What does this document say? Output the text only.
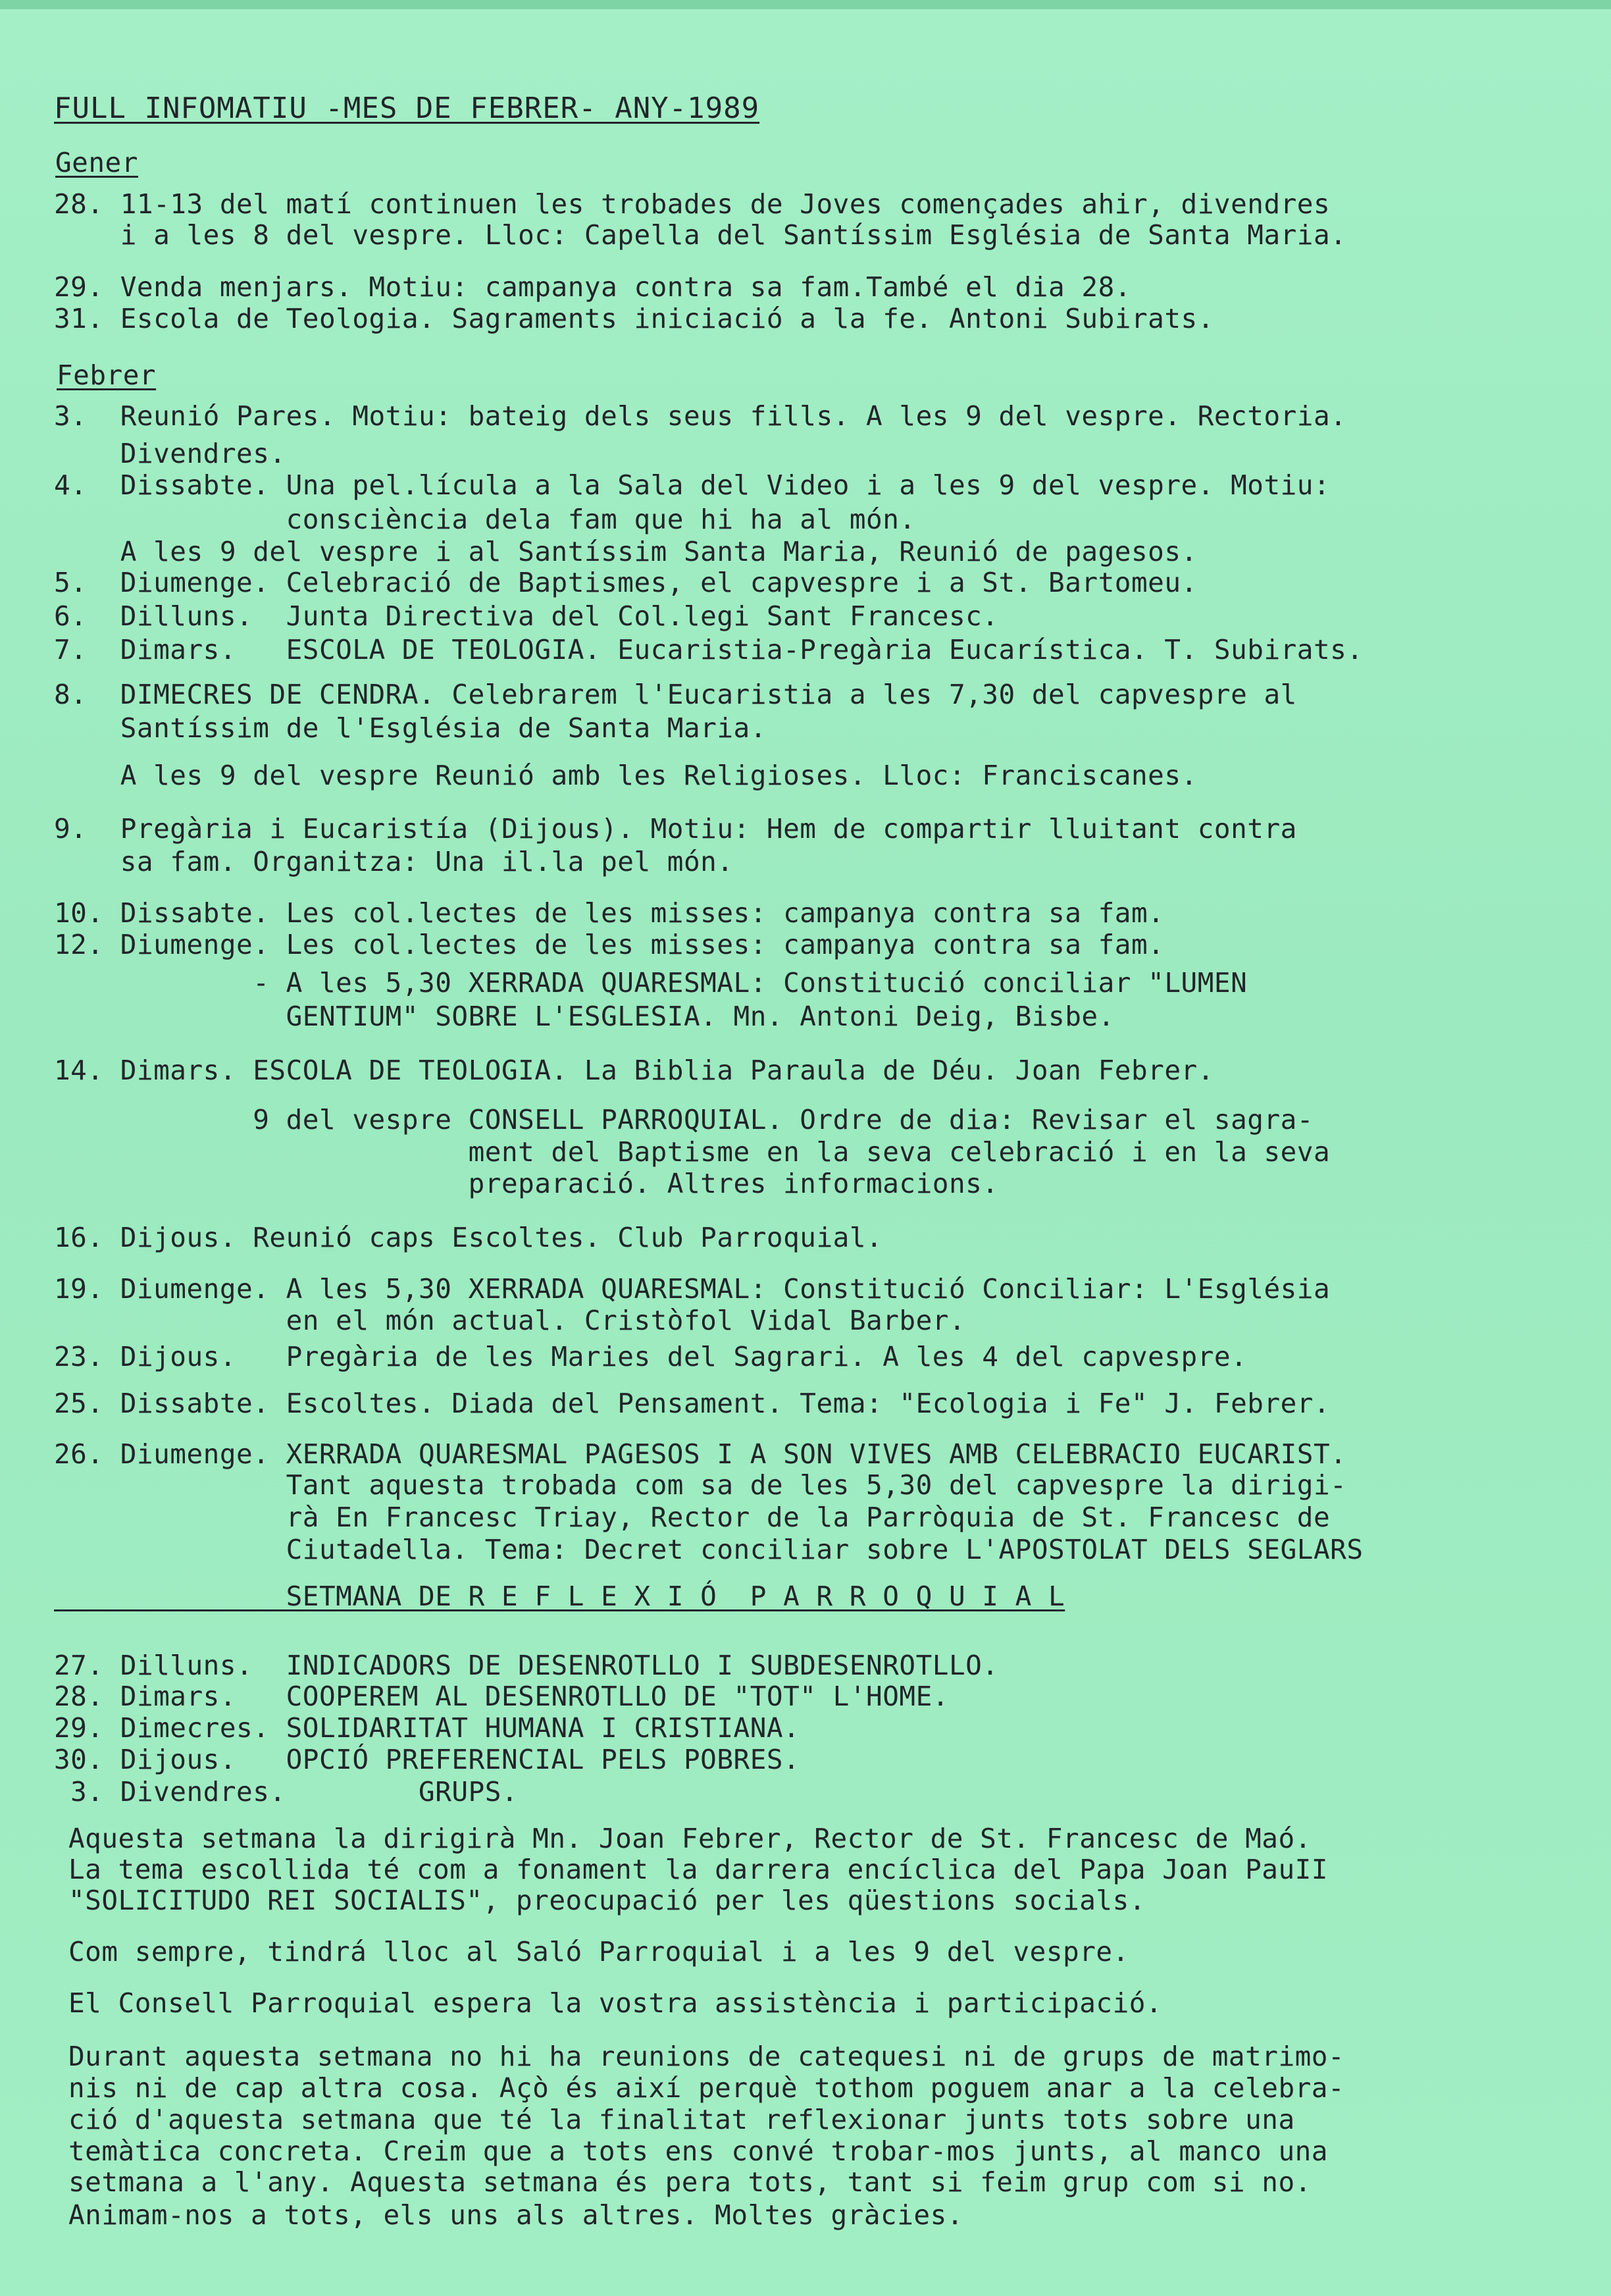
FULL INFOMATIU -MES DE FEBRER- ANY-1989
Gener
28. 11-13 del matí continuen les trobades de Joves començades ahir, divendres
i a les 8 del vespre. Lloc: Capella del Santíssim Església de Santa Maria.
29. Venda menjars. Motiu: campanya contra sa fam.També el dia 28.
31. Escola de Teologia. Sagraments iniciació a la fe. Antoni Subirats.
Febrer
3.  Reunió Pares. Motiu: bateig dels seus fills. A les 9 del vespre. Rectoria.
Divendres.
4.  Dissabte. Una pel.lícula a la Sala del Video i a les 9 del vespre. Motiu:
consciència dela fam que hi ha al món.
A les 9 del vespre i al Santíssim Santa Maria, Reunió de pagesos.
5.  Diumenge. Celebració de Baptismes, el capvespre i a St. Bartomeu.
6.  Dilluns.  Junta Directiva del Col.legi Sant Francesc.
7.  Dimars.   ESCOLA DE TEOLOGIA. Eucaristia-Pregària Eucarística. T. Subirats.
8.  DIMECRES DE CENDRA. Celebrarem l'Eucaristia a les 7,30 del capvespre al
Santíssim de l'Església de Santa Maria.
A les 9 del vespre Reunió amb les Religioses. Lloc: Franciscanes.
9.  Pregària i Eucaristía (Dijous). Motiu: Hem de compartir lluitant contra
sa fam. Organitza: Una il.la pel món.
10. Dissabte. Les col.lectes de les misses: campanya contra sa fam.
12. Diumenge. Les col.lectes de les misses: campanya contra sa fam.
- A les 5,30 XERRADA QUARESMAL: Constitució conciliar "LUMEN
GENTIUM" SOBRE L'ESGLESIA. Mn. Antoni Deig, Bisbe.
14. Dimars. ESCOLA DE TEOLOGIA. La Biblia Paraula de Déu. Joan Febrer.
9 del vespre CONSELL PARROQUIAL. Ordre de dia: Revisar el sagra-
ment del Baptisme en la seva celebració i en la seva
preparació. Altres informacions.
16. Dijous. Reunió caps Escoltes. Club Parroquial.
19. Diumenge. A les 5,30 XERRADA QUARESMAL: Constitució Conciliar: L'Església
en el món actual. Cristòfol Vidal Barber.
23. Dijous.   Pregària de les Maries del Sagrari. A les 4 del capvespre.
25. Dissabte. Escoltes. Diada del Pensament. Tema: "Ecologia i Fe" J. Febrer.
26. Diumenge. XERRADA QUARESMAL PAGESOS I A SON VIVES AMB CELEBRACIO EUCARIST.
Tant aquesta trobada com sa de les 5,30 del capvespre la dirigi-
rà En Francesc Triay, Rector de la Parròquia de St. Francesc de
Ciutadella. Tema: Decret conciliar sobre L'APOSTOLAT DELS SEGLARS
SETMANA DE R E F L E X I Ó  P A R R O Q U I A L
27. Dilluns.  INDICADORS DE DESENROTLLO I SUBDESENROTLLO.
28. Dimars.   COOPEREM AL DESENROTLLO DE "TOT" L'HOME.
29. Dimecres. SOLIDARITAT HUMANA I CRISTIANA.
30. Dijous.   OPCIÓ PREFERENCIAL PELS POBRES.
3. Divendres.        GRUPS.
Aquesta setmana la dirigirà Mn. Joan Febrer, Rector de St. Francesc de Maó.
La tema escollida té com a fonament la darrera encíclica del Papa Joan PauII
"SOLICITUDO REI SOCIALIS", preocupació per les qüestions socials.
Com sempre, tindrá lloc al Saló Parroquial i a les 9 del vespre.
El Consell Parroquial espera la vostra assistència i participació.
Durant aquesta setmana no hi ha reunions de catequesi ni de grups de matrimo-
nis ni de cap altra cosa. Açò és així perquè tothom poguem anar a la celebra-
ció d'aquesta setmana que té la finalitat reflexionar junts tots sobre una
temàtica concreta. Creim que a tots ens convé trobar-mos junts, al manco una
setmana a l'any. Aquesta setmana és pera tots, tant si feim grup com si no.
Animam-nos a tots, els uns als altres. Moltes gràcies.
